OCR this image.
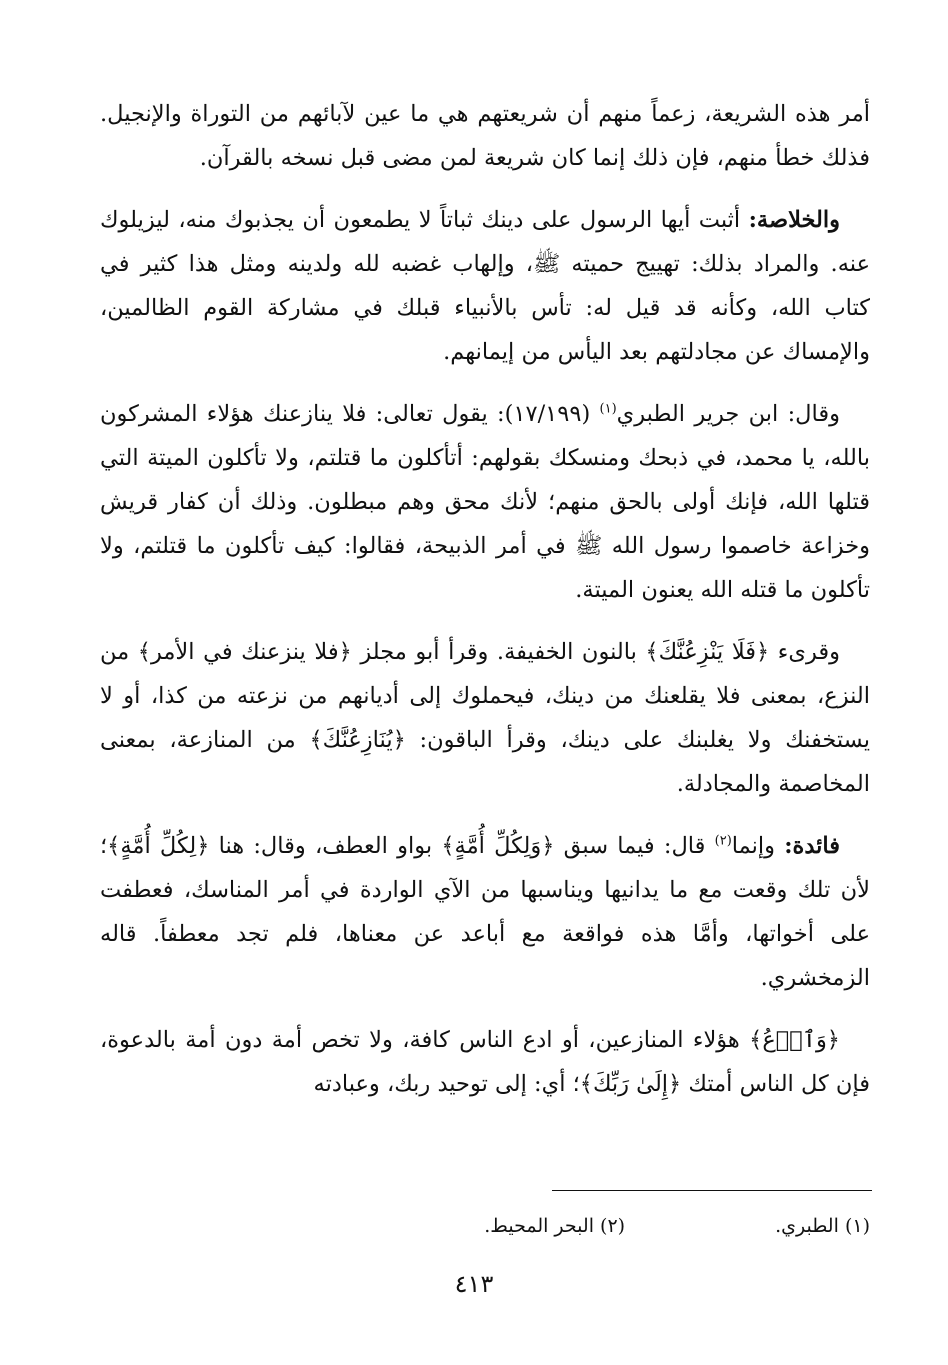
أمر هذه الشريعة، زعماً منهم أن شريعتهم هي ما عين لآبائهم من التوراة والإنجيل. فذلك خطأ منهم، فإن ذلك إنما كان شريعة لمن مضى قبل نسخه بالقرآن.

والخلاصة: أثبت أيها الرسول على دينك ثباتاً لا يطمعون أن يجذبوك منه، ليزيلوك عنه. والمراد بذلك: تهييج حميته ﷺ، وإلهاب غضبه لله ولدينه ومثل هذا كثير في كتاب الله، وكأنه قد قيل له: تأس بالأنبياء قبلك في مشاركة القوم الظالمين، والإمساك عن مجادلتهم بعد اليأس من إيمانهم.

وقال: ابن جرير الطبري$^{(١)}$ (١٧/١٩٩): يقول تعالى: فلا ينازعنك هؤلاء المشركون بالله، يا محمد، في ذبحك ومنسكك بقولهم: أتأكلون ما قتلتم، ولا تأكلون الميتة التي قتلها الله، فإنك أولى بالحق منهم؛ لأنك محق وهم مبطلون. وذلك أن كفار قريش وخزاعة خاصموا رسول الله ﷺ في أمر الذبيحة، فقالوا: كيف تأكلون ما قتلتم، ولا تأكلون ما قتله الله يعنون الميتة.

وقرىء ﴿فَلَا يَنْزِعُنَّكَ﴾ بالنون الخفيفة. وقرأ أبو مجلز ﴿فلا ينزعنك في الأمر﴾ من النزع، بمعنى فلا يقلعنك من دينك، فيحملوك إلى أديانهم من نزعته من كذا، أو لا يستخفنك ولا يغلبنك على دينك، وقرأ الباقون: ﴿يُنَازِعُنَّكَ﴾ من المنازعة، بمعنى المخاصمة والمجادلة.

فائدة: وإنما$^{(٢)}$ قال: فيما سبق ﴿وَلِكُلِّ أُمَّةٍ﴾ بواو العطف، وقال: هنا ﴿لِكُلِّ أُمَّةٍ﴾؛ لأن تلك وقعت مع ما يدانيها ويناسبها من الآي الواردة في أمر المناسك، فعطفت على أخواتها، وأمَّا هذه فواقعة مع أباعد عن معناها، فلم تجد معطفاً. قاله الزمخشري.

﴿وَٱدۡعُ﴾ هؤلاء المنازعين، أو ادع الناس كافة، ولا تخص أمة دون أمة بالدعوة، فإن كل الناس أمتك ﴿إِلَىٰ رَبِّكَ﴾؛ أي: إلى توحيد ربك، وعبادته

(١) الطبري.
(٢) البحر المحيط.
٤١٣
